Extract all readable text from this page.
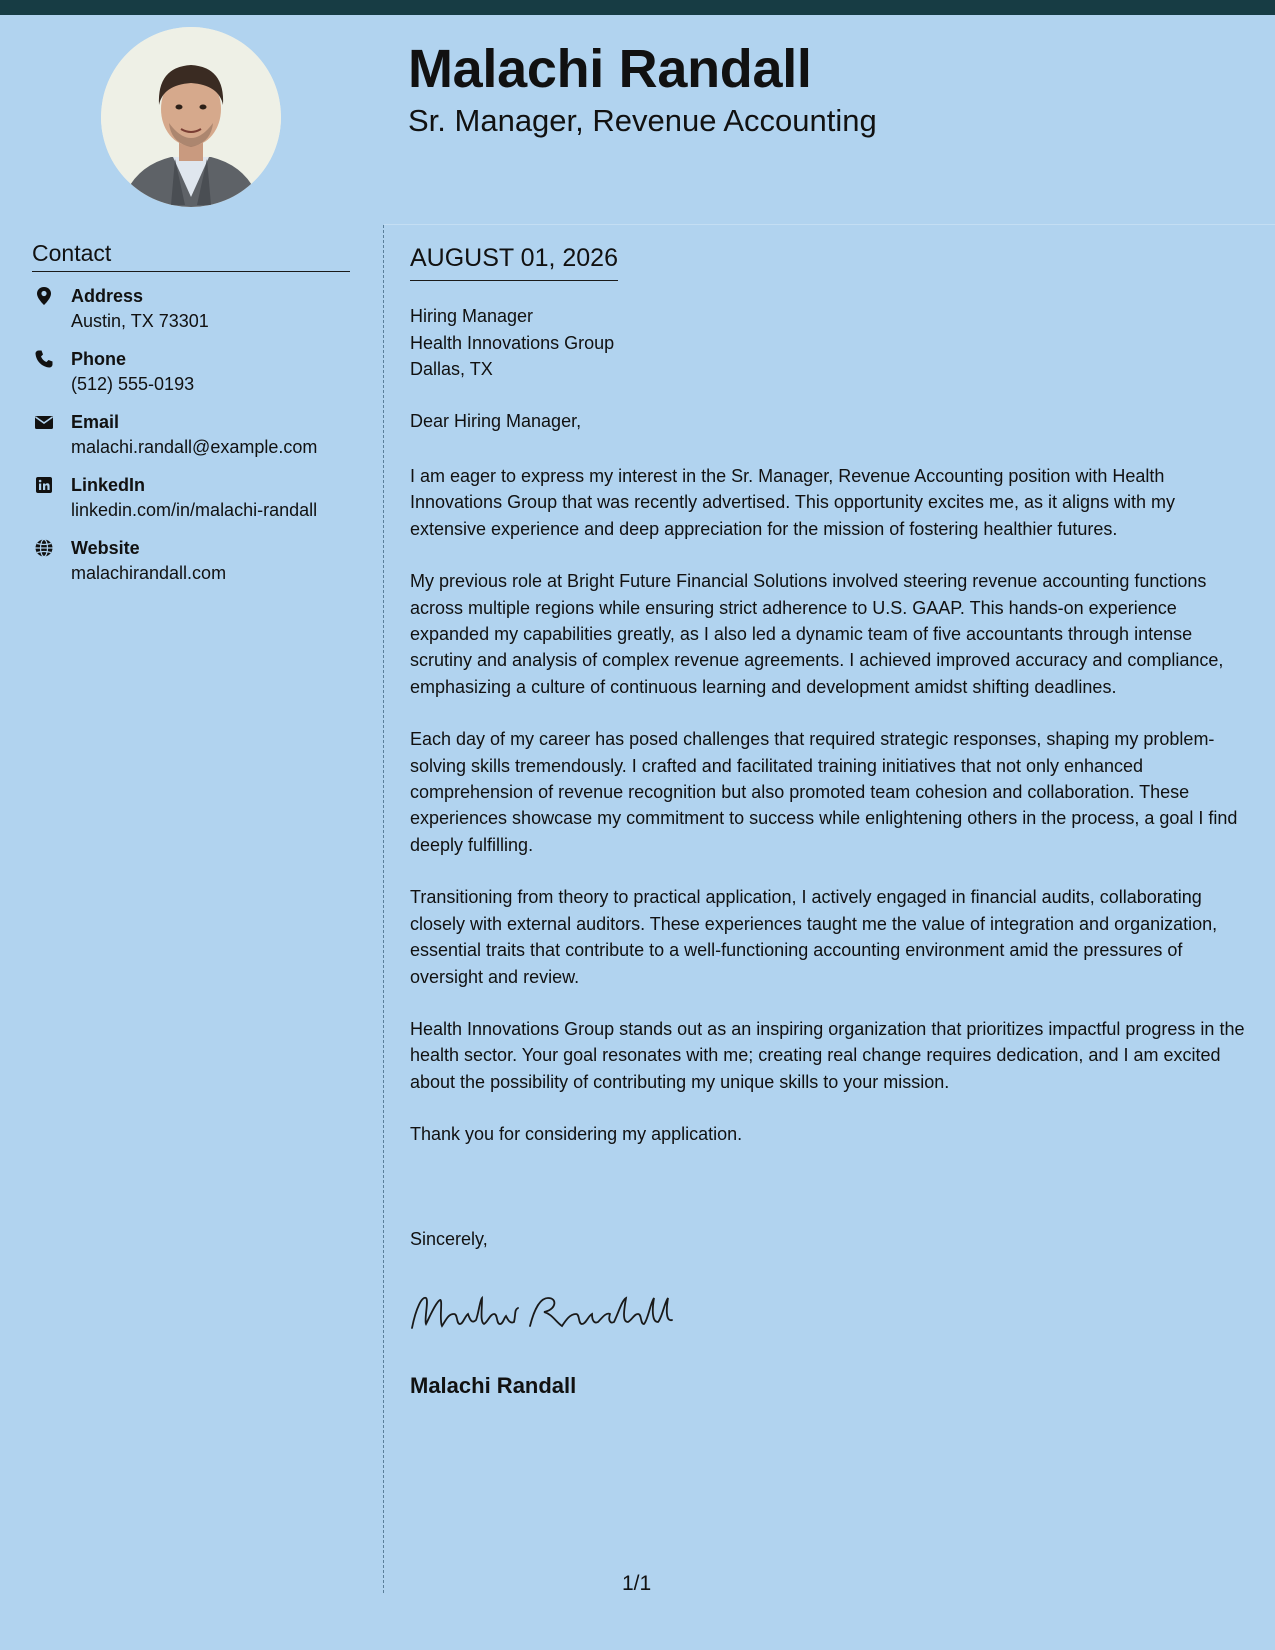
Malachi Randall
Sr. Manager, Revenue Accounting
Contact
Address
Austin, TX 73301
Phone
(512) 555-0193
Email
malachi.randall@example.com
LinkedIn
linkedin.com/in/malachi-randall
Website
malachirandall.com
AUGUST 01, 2026
Hiring Manager
Health Innovations Group
Dallas, TX
Dear Hiring Manager,

I am eager to express my interest in the Sr. Manager, Revenue Accounting position with Health Innovations Group that was recently advertised. This opportunity excites me, as it aligns with my extensive experience and deep appreciation for the mission of fostering healthier futures.

My previous role at Bright Future Financial Solutions involved steering revenue accounting functions across multiple regions while ensuring strict adherence to U.S. GAAP. This hands-on experience expanded my capabilities greatly, as I also led a dynamic team of five accountants through intense scrutiny and analysis of complex revenue agreements. I achieved improved accuracy and compliance, emphasizing a culture of continuous learning and development amidst shifting deadlines.

Each day of my career has posed challenges that required strategic responses, shaping my problem-solving skills tremendously. I crafted and facilitated training initiatives that not only enhanced comprehension of revenue recognition but also promoted team cohesion and collaboration. These experiences showcase my commitment to success while enlightening others in the process, a goal I find deeply fulfilling.

Transitioning from theory to practical application, I actively engaged in financial audits, collaborating closely with external auditors. These experiences taught me the value of integration and organization, essential traits that contribute to a well-functioning accounting environment amid the pressures of oversight and review.

Health Innovations Group stands out as an inspiring organization that prioritizes impactful progress in the health sector. Your goal resonates with me; creating real change requires dedication, and I am excited about the possibility of contributing my unique skills to your mission.

Thank you for considering my application.

Sincerely,
Malachi Randall
1/1
